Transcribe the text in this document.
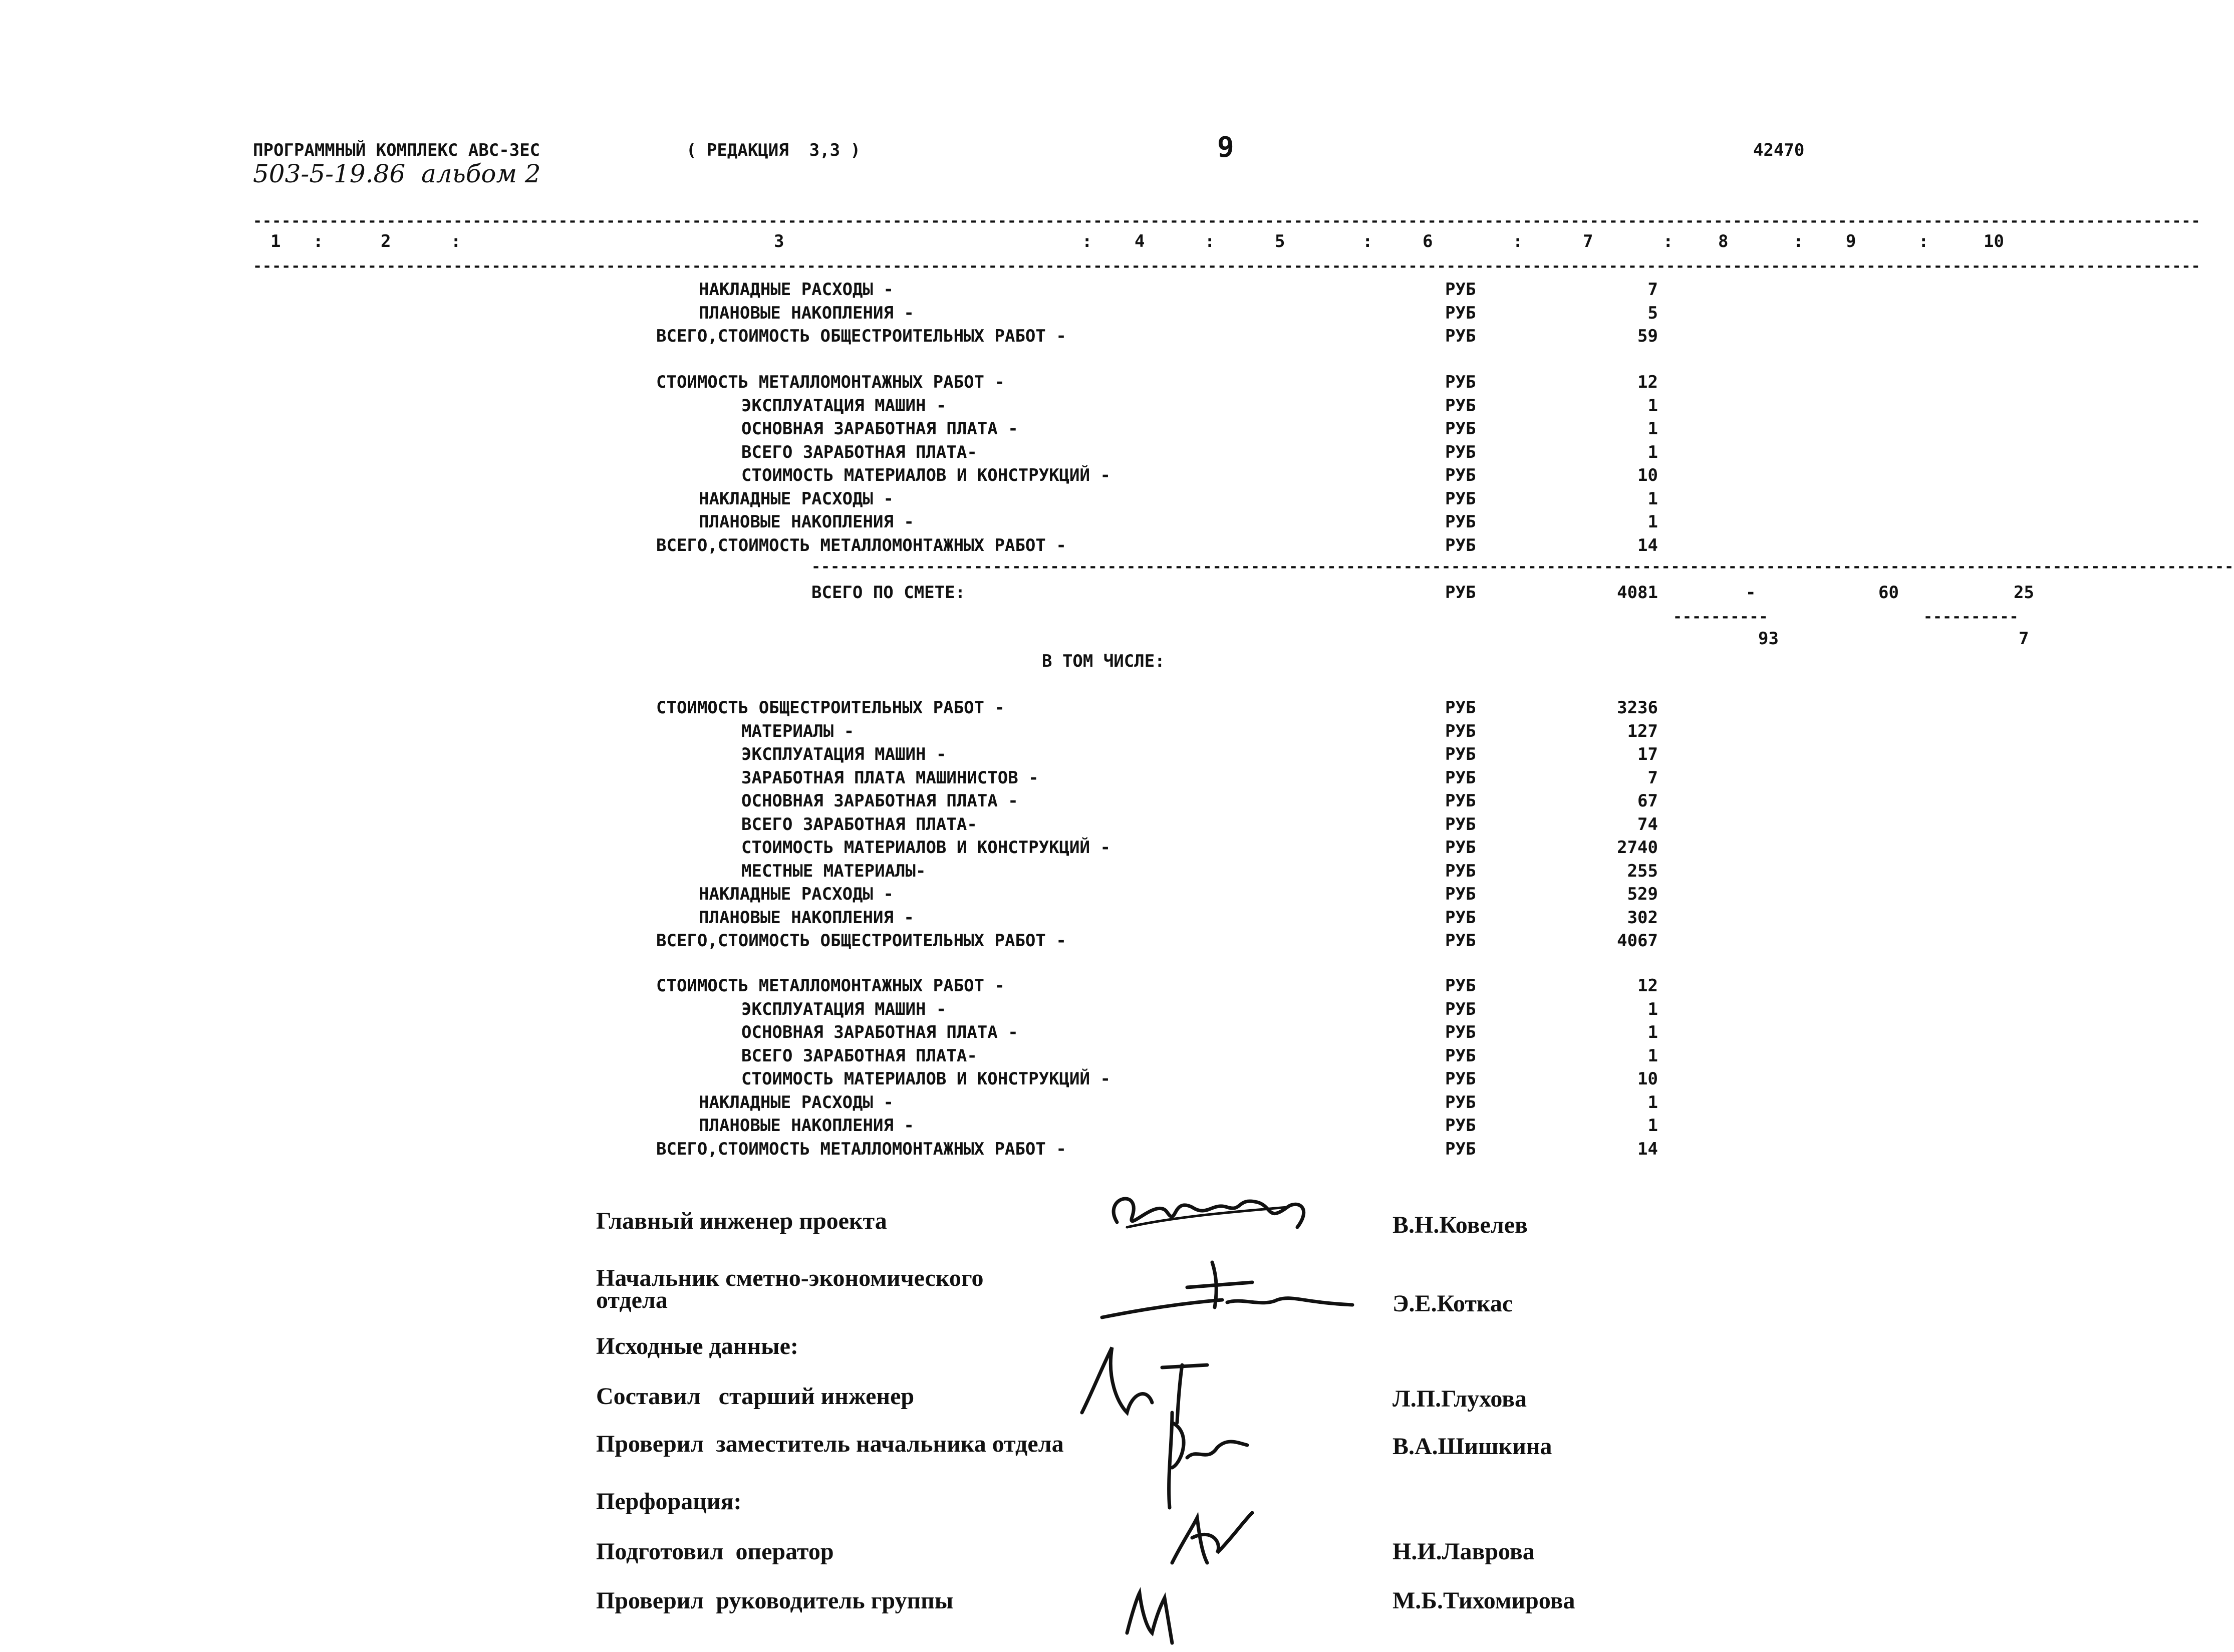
ПРОГРАММНЫЙ КОМПЛЕКС АВС-ЗЕС	( РЕДАКЦИЯ  3,3 )	9	42470
503-5-19.86  альбом 2
------------------------------------------------------------------------------------------------------------------------------------------------------------------------------------------------------------
1	2	3	4	5	6	7	8	9	10
:	:	:	:	:	:	:	:	:
------------------------------------------------------------------------------------------------------------------------------------------------------------------------------------------------------------
НАКЛАДНЫЕ РАСХОДЫ -	РУБ	7
ПЛАНОВЫЕ НАКОПЛЕНИЯ -	РУБ	5
ВСЕГО,СТОИМОСТЬ ОБЩЕСТРОИТЕЛЬНЫХ РАБОТ -	РУБ	59
СТОИМОСТЬ МЕТАЛЛОМОНТАЖНЫХ РАБОТ -	РУБ	12
ЭКСПЛУАТАЦИЯ МАШИН -	РУБ	1
ОСНОВНАЯ ЗАРАБОТНАЯ ПЛАТА -	РУБ	1
ВСЕГО ЗАРАБОТНАЯ ПЛАТА-	РУБ	1
СТОИМОСТЬ МАТЕРИАЛОВ И КОНСТРУКЦИЙ -	РУБ	10
НАКЛАДНЫЕ РАСХОДЫ -	РУБ	1
ПЛАНОВЫЕ НАКОПЛЕНИЯ -	РУБ	1
ВСЕГО,СТОИМОСТЬ МЕТАЛЛОМОНТАЖНЫХ РАБОТ -	РУБ	14
-----------------------------------------------------------------------------------------------------------------------------------------------------
ВСЕГО ПО СМЕТЕ:	РУБ	4081	-	60	25
----------	----------
93	7
В ТОМ ЧИСЛЕ:
СТОИМОСТЬ ОБЩЕСТРОИТЕЛЬНЫХ РАБОТ -	РУБ	3236
МАТЕРИАЛЫ -	РУБ	127
ЭКСПЛУАТАЦИЯ МАШИН -	РУБ	17
ЗАРАБОТНАЯ ПЛАТА МАШИНИСТОВ -	РУБ	7
ОСНОВНАЯ ЗАРАБОТНАЯ ПЛАТА -	РУБ	67
ВСЕГО ЗАРАБОТНАЯ ПЛАТА-	РУБ	74
СТОИМОСТЬ МАТЕРИАЛОВ И КОНСТРУКЦИЙ -	РУБ	2740
МЕСТНЫЕ МАТЕРИАЛЫ-	РУБ	255
НАКЛАДНЫЕ РАСХОДЫ -	РУБ	529
ПЛАНОВЫЕ НАКОПЛЕНИЯ -	РУБ	302
ВСЕГО,СТОИМОСТЬ ОБЩЕСТРОИТЕЛЬНЫХ РАБОТ -	РУБ	4067
СТОИМОСТЬ МЕТАЛЛОМОНТАЖНЫХ РАБОТ -	РУБ	12
ЭКСПЛУАТАЦИЯ МАШИН -	РУБ	1
ОСНОВНАЯ ЗАРАБОТНАЯ ПЛАТА -	РУБ	1
ВСЕГО ЗАРАБОТНАЯ ПЛАТА-	РУБ	1
СТОИМОСТЬ МАТЕРИАЛОВ И КОНСТРУКЦИЙ -	РУБ	10
НАКЛАДНЫЕ РАСХОДЫ -	РУБ	1
ПЛАНОВЫЕ НАКОПЛЕНИЯ -	РУБ	1
ВСЕГО,СТОИМОСТЬ МЕТАЛЛОМОНТАЖНЫХ РАБОТ -	РУБ	14
Главный инженер проекта	В.Н.Ковелев
Начальник сметно-экономического
отдела	Э.Е.Коткас
Исходные данные:
Составил   старший инженер	Л.П.Глухова
Проверил  заместитель начальника отдела	В.А.Шишкина
Перфорация:
Подготовил  оператор	Н.И.Лаврова
Проверил  руководитель группы	М.Б.Тихомирова
